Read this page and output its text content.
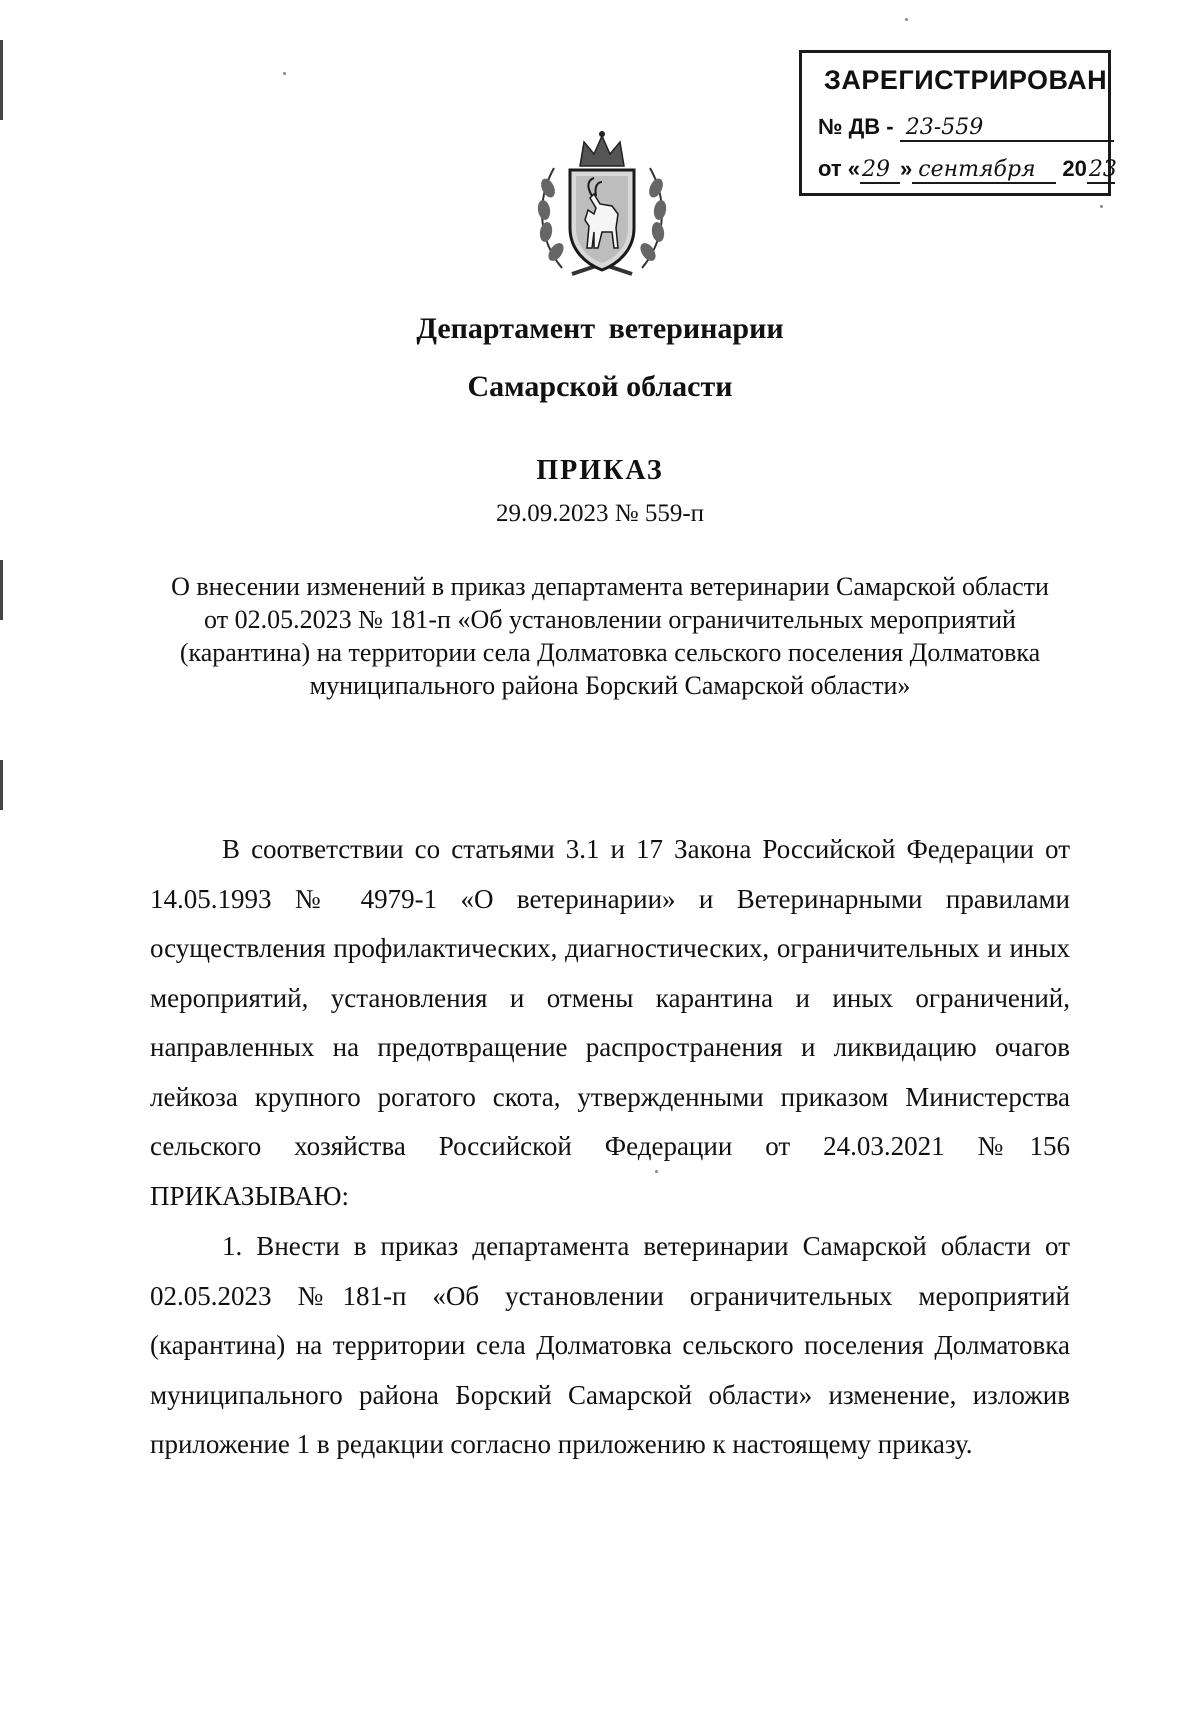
ЗАРЕГИСТРИРОВАН
№ ДВ - 23-559
от «29 » сентября 2023
Департамент ветеринарии
Самарской области
ПРИКАЗ
29.09.2023 № 559-п
О внесении изменений в приказ департамента ветеринарии Самарской области от 02.05.2023 № 181-п «Об установлении ограничительных мероприятий (карантина) на территории села Долматовка сельского поселения Долматовка муниципального района Борский Самарской области»
В соответствии со статьями 3.1 и 17 Закона Российской Федерации от 14.05.1993 № 4979-1 «О ветеринарии» и Ветеринарными правилами осуществления профилактических, диагностических, ограничительных и иных мероприятий, установления и отмены карантина и иных ограничений, направленных на предотвращение распространения и ликвидацию очагов лейкоза крупного рогатого скота, утвержденными приказом Министерства сельского хозяйства Российской Федерации от 24.03.2021 №156 ПРИКАЗЫВАЮ:
1. Внести в приказ департамента ветеринарии Самарской области от 02.05.2023 №181-п «Об установлении ограничительных мероприятий (карантина) на территории села Долматовка сельского поселения Долматовка муниципального района Борский Самарской области» изменение, изложив приложение 1 в редакции согласно приложению к настоящему приказу.
